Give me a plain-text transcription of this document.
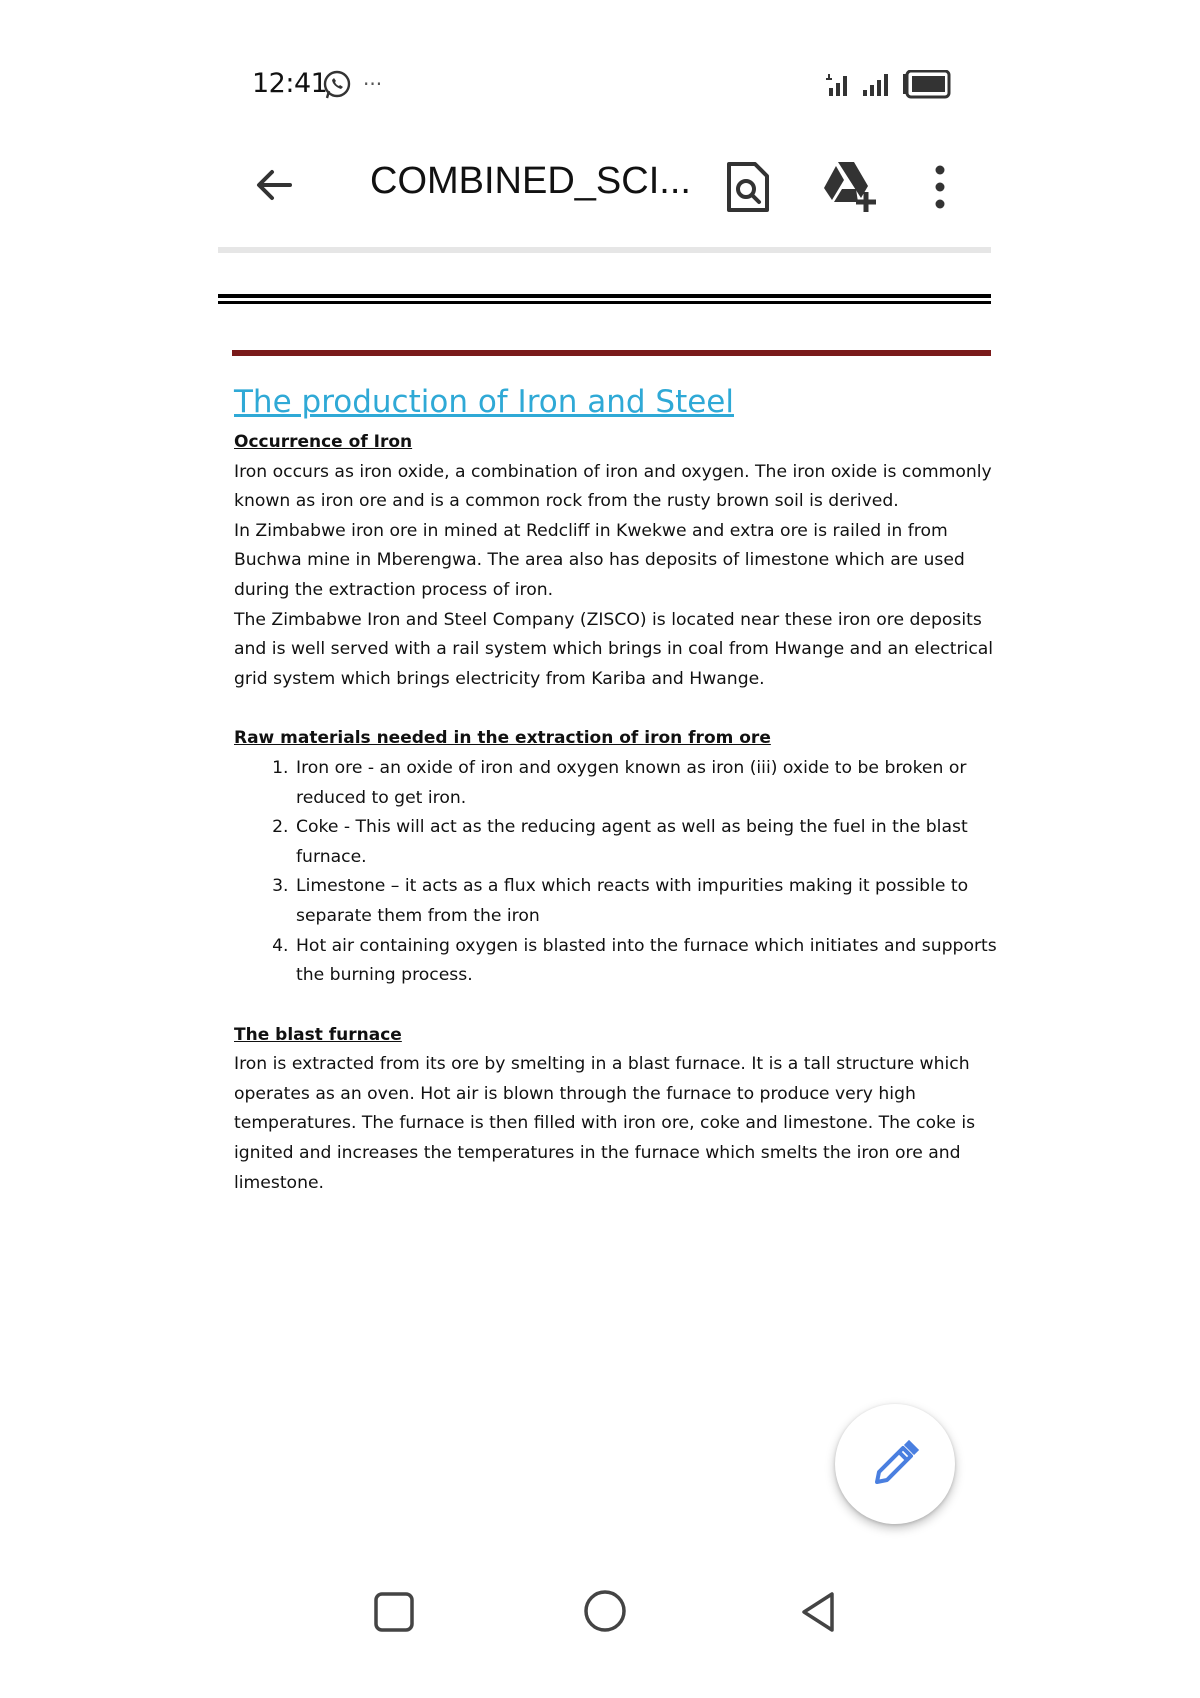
12:41 ···
COMBINED_SCI...
The production of Iron and Steel

Occurrence of Iron

Iron occurs as iron oxide, a combination of iron and oxygen. The iron oxide is commonly known as iron ore and is a common rock from the rusty brown soil is derived.

In Zimbabwe iron ore in mined at Redcliff in Kwekwe and extra ore is railed in from Buchwa mine in Mberengwa. The area also has deposits of limestone which are used during the extraction process of iron.

The Zimbabwe Iron and Steel Company (ZISCO) is located near these iron ore deposits and is well served with a rail system which brings in coal from Hwange and an electrical grid system which brings electricity from Kariba and Hwange.

Raw materials needed in the extraction of iron from ore

1. Iron ore - an oxide of iron and oxygen known as iron (iii) oxide to be broken or reduced to get iron.
2. Coke - This will act as the reducing agent as well as being the fuel in the blast furnace.
3. Limestone – it acts as a flux which reacts with impurities making it possible to separate them from the iron
4. Hot air containing oxygen is blasted into the furnace which initiates and supports the burning process.

The blast furnace

Iron is extracted from its ore by smelting in a blast furnace. It is a tall structure which operates as an oven. Hot air is blown through the furnace to produce very high temperatures. The furnace is then filled with iron ore, coke and limestone. The coke is ignited and increases the temperatures in the furnace which smelts the iron ore and limestone.
